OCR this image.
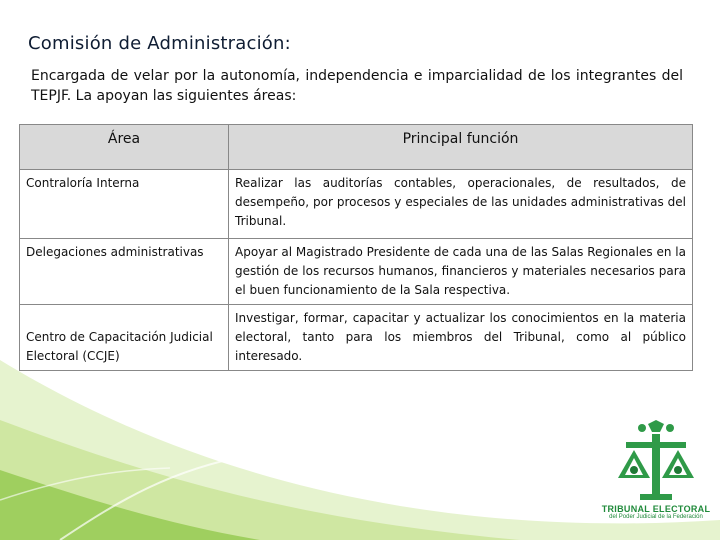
Comisión de Administración:
Encargada de velar por la autonomía, independencia e imparcialidad de los integrantes del TEPJF. La apoyan las siguientes áreas:
Área	Principal función
Contraloría Interna	Realizar las auditorías contables, operacionales, de resultados, de desempeño, por procesos y especiales de las unidades administrativas del Tribunal.
Delegaciones administrativas	Apoyar al Magistrado Presidente de cada una de las Salas Regionales en la gestión de los recursos humanos, financieros y materiales necesarios para el buen funcionamiento de la Sala respectiva.
Centro de Capacitación Judicial Electoral (CCJE)	Investigar, formar, capacitar y actualizar los conocimientos en la materia electoral, tanto para los miembros del Tribunal, como al público interesado.
TRIBUNAL ELECTORAL
del Poder Judicial de la Federación
